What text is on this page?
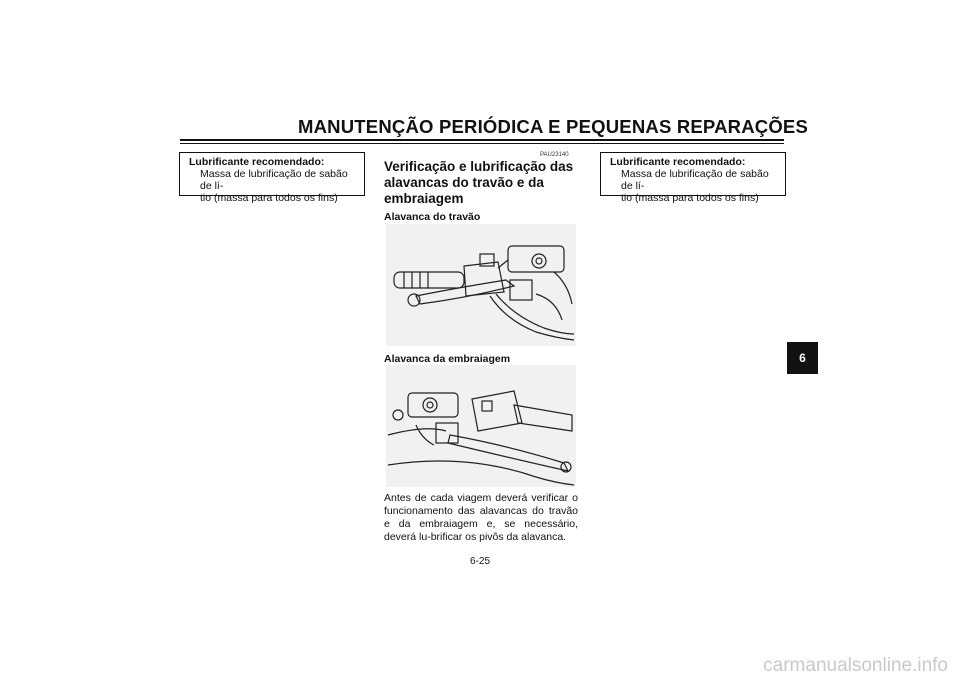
MANUTENÇÃO PERIÓDICA E PEQUENAS REPARAÇÕES
Lubrificante recomendado:
Massa de lubrificação de sabão de lí-
tio (massa para todos os fins)
PAU23140
Verificação e lubrificação das
alavancas do travão e da
embraiagem
Alavanca do travão
Alavanca da embraiagem
Antes de cada viagem deverá verificar o funcionamento das alavancas do travão e da embraiagem e, se necessário, deverá lu-brificar os pivôs da alavanca.
Lubrificante recomendado:
Massa de lubrificação de sabão de lí-
tio (massa para todos os fins)
6
6-25
carmanualsonline.info
